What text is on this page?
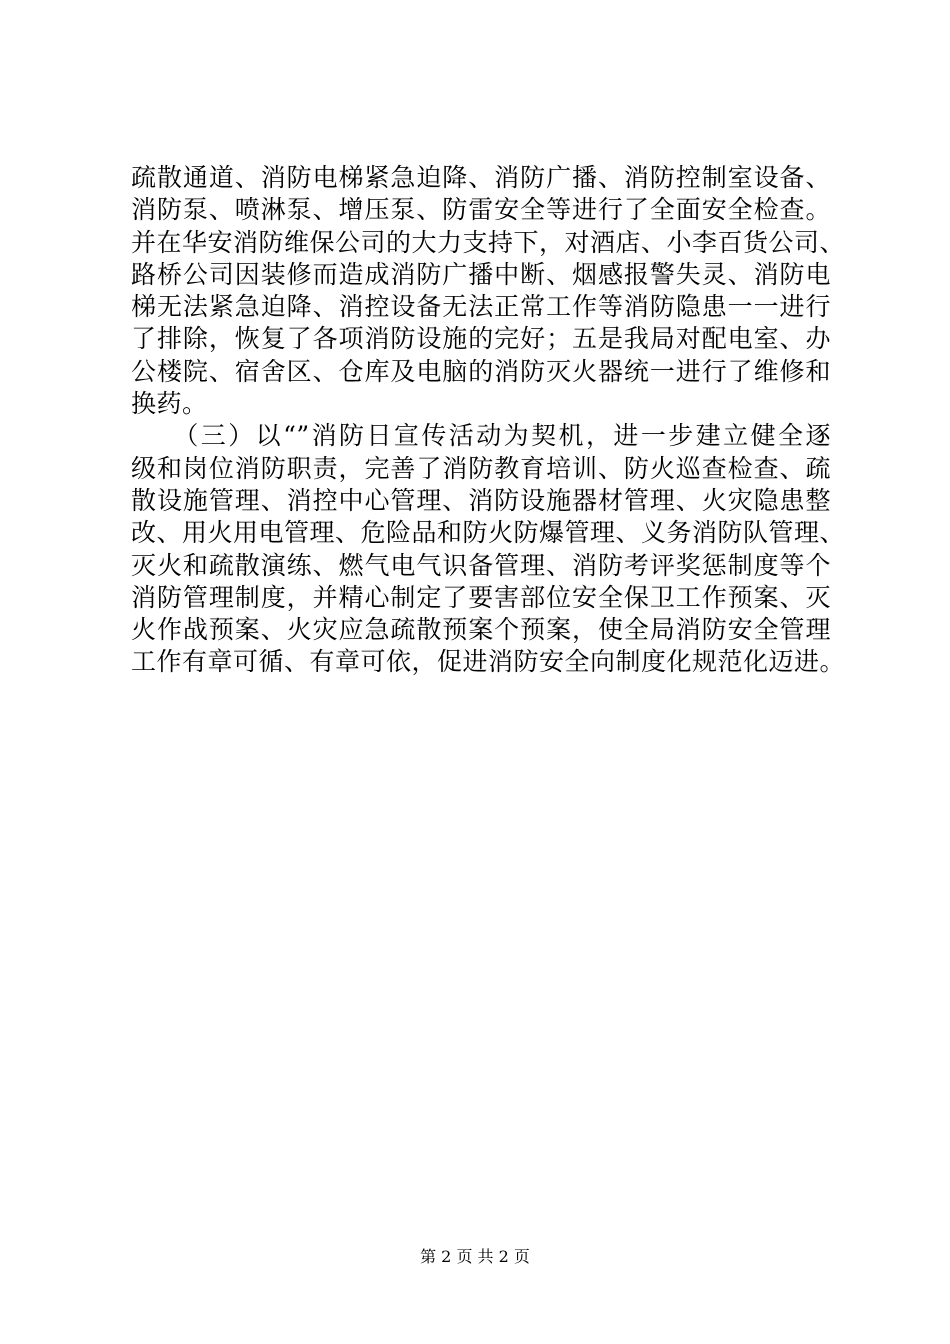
疏散通道、消防电梯紧急迫降、消防广播、消防控制室设备、
消防泵、喷淋泵、增压泵、防雷安全等进行了全面安全检查。
并在华安消防维保公司的大力支持下，对酒店、小李百货公司、
路桥公司因装修而造成消防广播中断、烟感报警失灵、消防电
梯无法紧急迫降、消控设备无法正常工作等消防隐患一一进行
了排除，恢复了各项消防设施的完好；五是我局对配电室、办
公楼院、宿舍区、仓库及电脑的消防灭火器统一进行了维修和
换药。
　　（三）以“”消防日宣传活动为契机，进一步建立健全逐
级和岗位消防职责，完善了消防教育培训、防火巡查检查、疏
散设施管理、消控中心管理、消防设施器材管理、火灾隐患整
改、用火用电管理、危险品和防火防爆管理、义务消防队管理、
灭火和疏散演练、燃气电气识备管理、消防考评奖惩制度等个
消防管理制度，并精心制定了要害部位安全保卫工作预案、灭
火作战预案、火灾应急疏散预案个预案，使全局消防安全管理
工作有章可循、有章可依，促进消防安全向制度化规范化迈进。
第 2 页 共 2 页
